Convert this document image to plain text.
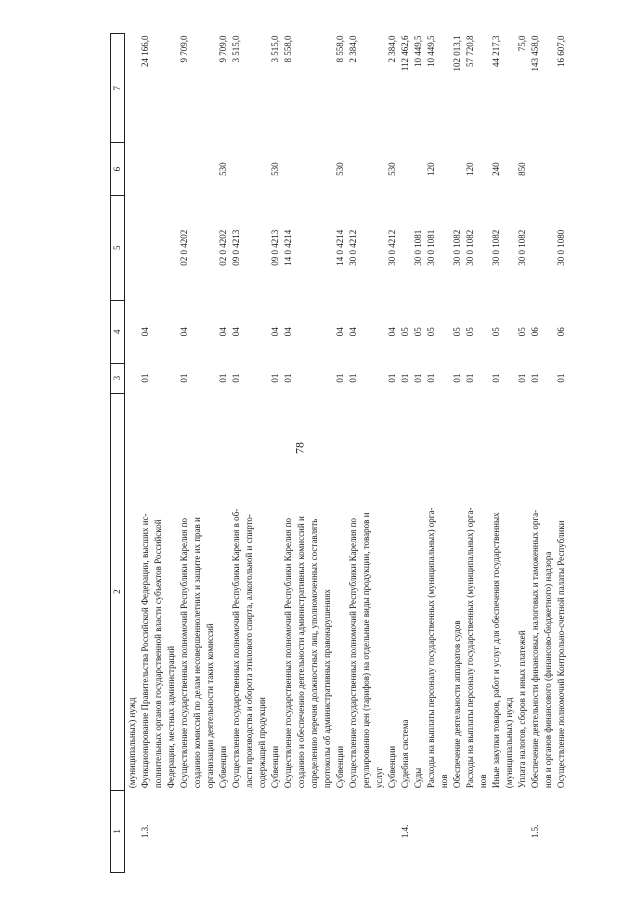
78
1	2	3	4	5	6	7
	(муниципальных) нужд					
1.3.	Функционирование Правительства Российской Федерации, высших ис-
полнительных органов государственной власти субъектов Российской
Федерации, местных администраций	01	04			24 166,0
	Осуществление государственных полномочий Республики Карелия по
созданию комиссий по делам несовершеннолетних и защите их прав и
организации деятельности таких комиссий	01	04	02 0 4202		9 709,0
	Субвенции	01	04	02 0 4202	530	9 709,0
	Осуществление государственных полномочий Республики Карелия в об-
ласти производства и оборота этилового спирта, алкогольной и спирто-
содержащей продукции	01	04	09 0 4213		3 515,0
	Субвенции	01	04	09 0 4213	530	3 515,0
	Осуществление государственных полномочий Республики Карелия по
созданию и обеспечению деятельности административных комиссий и
определению перечня должностных лиц, уполномоченных составлять
протоколы об административных правонарушениях	01	04	14 0 4214		8 558,0
	Субвенции	01	04	14 0 4214	530	8 558,0
	Осуществление государственных полномочий Республики Карелия по
регулированию цен (тарифов) на отдельные виды продукции, товаров и
услуг	01	04	30 0 4212		2 384,0
	Субвенции	01	04	30 0 4212	530	2 384,0
1.4.	Судебная система	01	05			112 462,6
	Суды	01	05	30 0 1081		10 449,5
	Расходы на выплаты персоналу государственных (муниципальных) орга-
нов	01	05	30 0 1081	120	10 449,5
	Обеспечение деятельности аппаратов судов	01	05	30 0 1082		102 013,1
	Расходы на выплаты персоналу государственных (муниципальных) орга-
нов	01	05	30 0 1082	120	57 720,8
	Иные закупки товаров, работ и услуг для обеспечения государственных
(муниципальных) нужд	01	05	30 0 1082	240	44 217,3
	Уплата налогов, сборов и иных платежей	01	05	30 0 1082	850	75,0
1.5.	Обеспечение деятельности финансовых, налоговых и таможенных орга-
нов и органов финансового (финансово-бюджетного) надзора	01	06			143 458,0
	Осуществление полномочий Контрольно-счетной палаты Республики	01	06	30 0 1080		16 607,0
